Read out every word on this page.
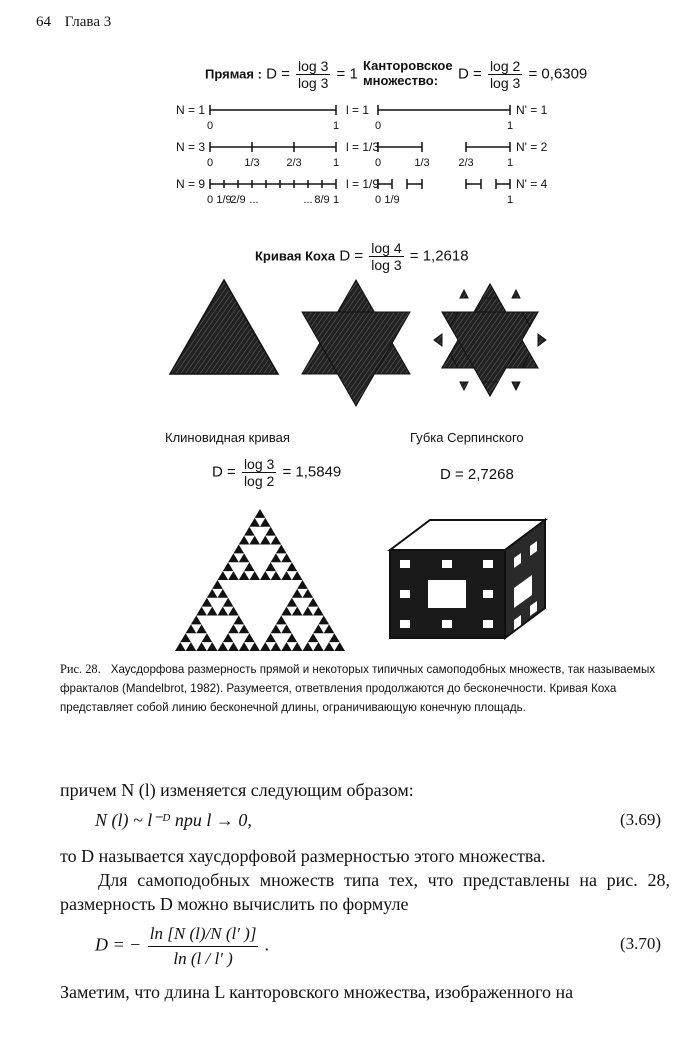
64 Глава 3
Прямая : $D = \frac{\log 3}{\log 3} = 1$ Канторовское
множество:	$D = \frac{\log 2}{\log 3} = 0,6309$
N = 1	l = 1	N' = 1
N = 3	l = 1/3	N' = 2
N = 9	l = 1/9	N' = 4
0	1	0	1
0	1/3 2/3	1	0	1/3	2/3	1
0 1/9
2/9 ...	... 8/9 1	0 1/9	1
Кривая Коха $D = \frac{\log 4}{\log 3} = 1,2618$
Клиновидная кривая	Губка Серпинского
$D = \frac{\log 3}{\log 2} = 1,5849$	D = 2,7268
Рис. 28. Хаусдорфова размерность прямой и некоторых типичных самоподобных множеств, так называемых фракталов (Mandelbrot, 1982). Разумеется, ответвления продолжаются до бесконечности. Кривая Коха представляет собой линию бесконечной длины, ограничивающую конечную площадь.
причем N (l) изменяется следующим образом:
N (l) ~ l⁻ᴰ при l → 0,	(3.69)
то D называется хаусдорфовой размерностью этого множества.
Для самоподобных множеств типа тех, что представлены на рис. 28, размерность D можно вычислить по формуле
D = − $\frac{\ln [N (l)/N (l' )]}{\ln (l / l' )}$ .	(3.70)
Заметим, что длина L канторовского множества, изображенного на
